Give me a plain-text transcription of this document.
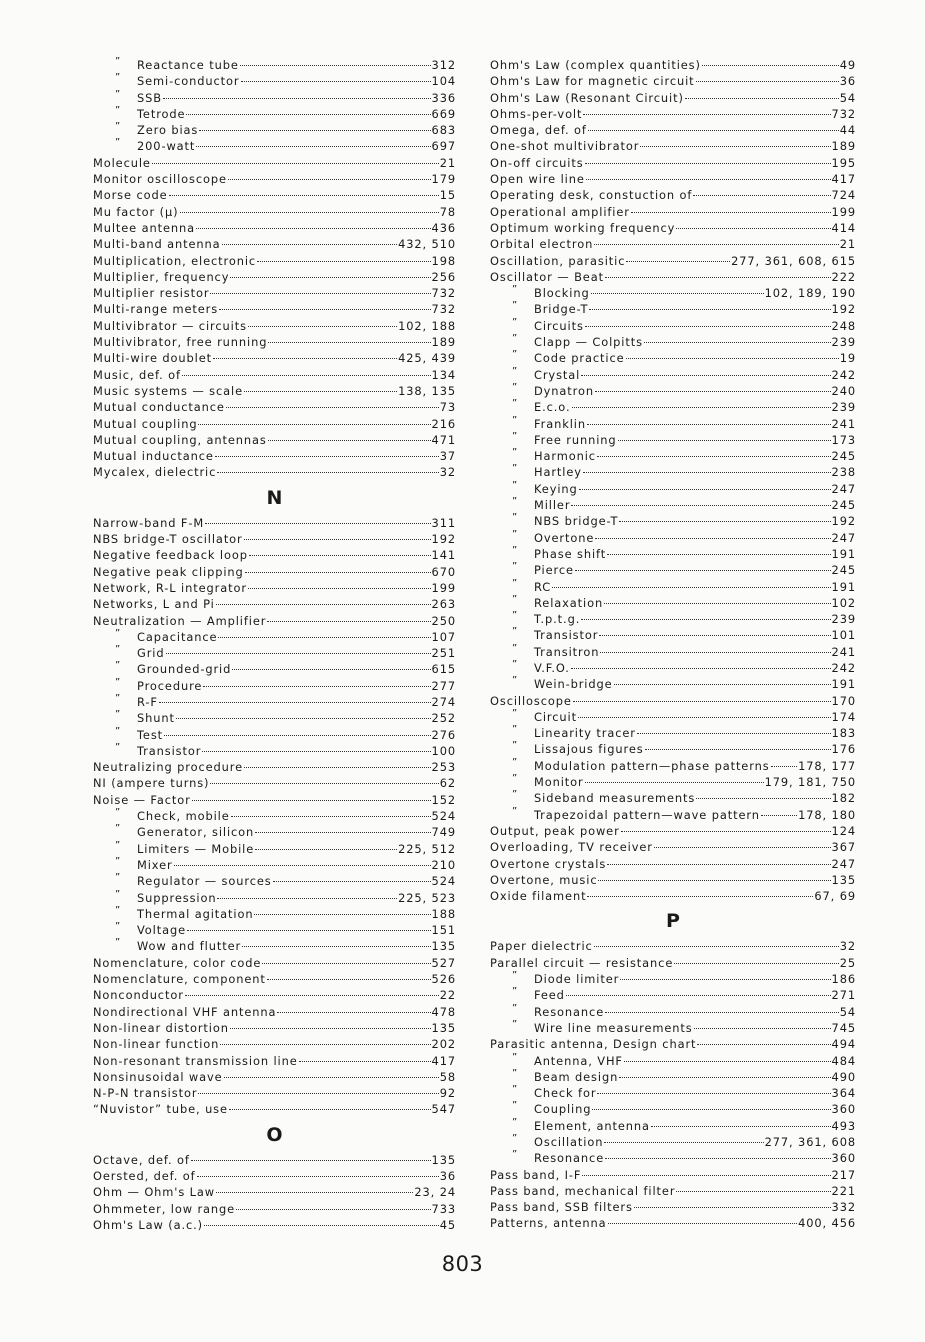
” Reactance tube	312
” Semi-conductor	104
” SSB	336
” Tetrode	669
” Zero bias	683
” 200-watt	697
Molecule	21
Monitor oscilloscope	179
Morse code	15
Mu factor (μ)	78
Multee antenna	436
Multi-band antenna	432, 510
Multiplication, electronic	198
Multiplier, frequency	256
Multiplier resistor	732
Multi-range meters	732
Multivibrator — circuits	102, 188
Multivibrator, free running	189
Multi-wire doublet	425, 439
Music, def. of	134
Music systems — scale	138, 135
Mutual conductance	73
Mutual coupling	216
Mutual coupling, antennas	471
Mutual inductance	37
Mycalex, dielectric	32
N
Narrow-band F-M	311
NBS bridge-T oscillator	192
Negative feedback loop	141
Negative peak clipping	670
Network, R-L integrator	199
Networks, L and Pi	263
Neutralization — Amplifier	250
” Capacitance	107
” Grid	251
” Grounded-grid	615
” Procedure	277
” R-F	274
” Shunt	252
” Test	276
” Transistor	100
Neutralizing procedure	253
NI (ampere turns)	62
Noise — Factor	152
” Check, mobile	524
” Generator, silicon	749
” Limiters — Mobile	225, 512
” Mixer	210
” Regulator — sources	524
” Suppression	225, 523
” Thermal agitation	188
” Voltage	151
” Wow and flutter	135
Nomenclature, color code	527
Nomenclature, component	526
Nonconductor	22
Nondirectional VHF antenna	478
Non-linear distortion	135
Non-linear function	202
Non-resonant transmission line	417
Nonsinusoidal wave	58
N-P-N transistor	92
“Nuvistor” tube, use	547
O
Octave, def. of	135
Oersted, def. of	36
Ohm — Ohm's Law	23, 24
Ohmmeter, low range	733
Ohm's Law (a.c.)	45
Ohm's Law (complex quantities)	49
Ohm's Law for magnetic circuit	36
Ohm's Law (Resonant Circuit)	54
Ohms-per-volt	732
Omega, def. of	44
One-shot multivibrator	189
On-off circuits	195
Open wire line	417
Operating desk, constuction of	724
Operational amplifier	199
Optimum working frequency	414
Orbital electron	21
Oscillation, parasitic	277, 361, 608, 615
Oscillator — Beat	222
” Blocking	102, 189, 190
” Bridge-T	192
” Circuits	248
” Clapp — Colpitts	239
” Code practice	19
” Crystal	242
” Dynatron	240
” E.c.o.	239
” Franklin	241
” Free running	173
” Harmonic	245
” Hartley	238
” Keying	247
” Miller	245
” NBS bridge-T	192
” Overtone	247
” Phase shift	191
” Pierce	245
” RC	191
” Relaxation	102
” T.p.t.g.	239
” Transistor	101
” Transitron	241
” V.F.O.	242
” Wein-bridge	191
Oscilloscope	170
” Circuit	174
” Linearity tracer	183
” Lissajous figures	176
” Modulation pattern—phase patterns	178, 177
” Monitor	179, 181, 750
” Sideband measurements	182
” Trapezoidal pattern—wave pattern	178, 180
Output, peak power	124
Overloading, TV receiver	367
Overtone crystals	247
Overtone, music	135
Oxide filament	67, 69
P
Paper dielectric	32
Parallel circuit — resistance	25
” Diode limiter	186
” Feed	271
” Resonance	54
” Wire line measurements	745
Parasitic antenna, Design chart	494
” Antenna, VHF	484
” Beam design	490
” Check for	364
” Coupling	360
” Element, antenna	493
” Oscillation	277, 361, 608
” Resonance	360
Pass band, I-F	217
Pass band, mechanical filter	221
Pass band, SSB filters	332
Patterns, antenna	400, 456
803
